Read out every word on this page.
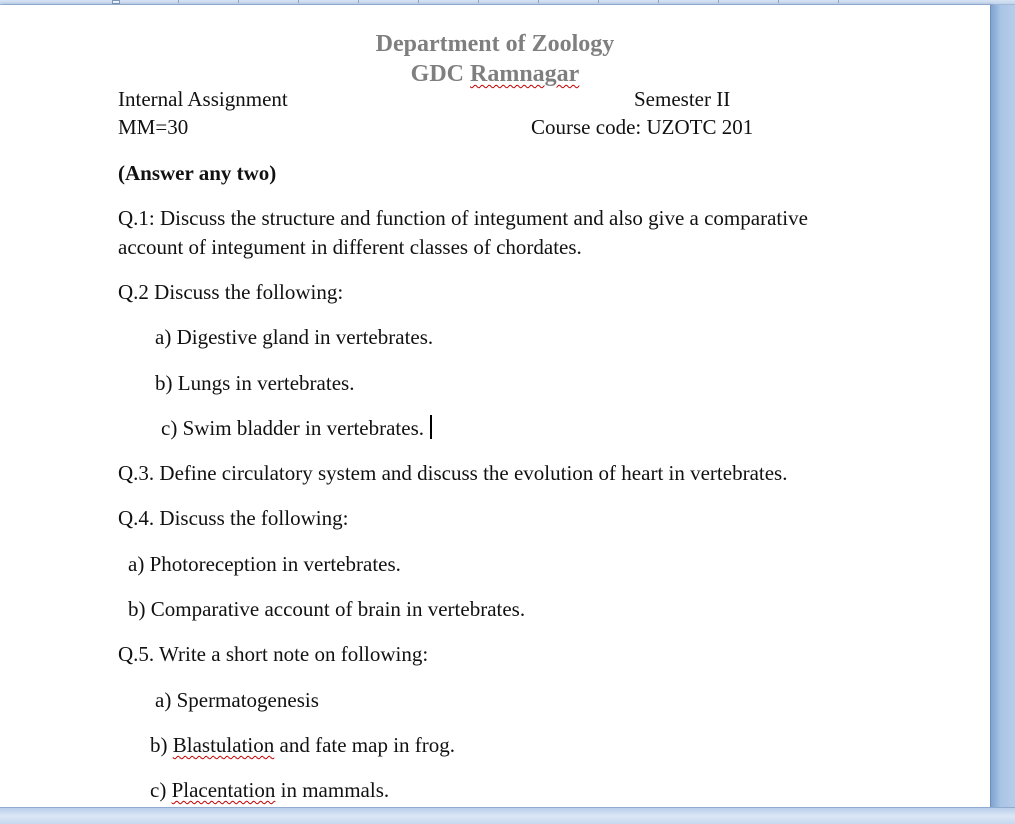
Department of Zoology
GDC Ramnagar
Internal Assignment	Semester II
MM=30	Course code: UZOTC 201
(Answer any two)
Q.1: Discuss the structure and function of integument and also give a comparative
account of integument in different classes of chordates.
Q.2 Discuss the following:
a) Digestive gland in vertebrates.
b) Lungs in vertebrates.
c) Swim bladder in vertebrates.
Q.3. Define circulatory system and discuss the evolution of heart in vertebrates.
Q.4. Discuss the following:
a) Photoreception in vertebrates.
b) Comparative account of brain in vertebrates.
Q.5. Write a short note on following:
a) Spermatogenesis
b) Blastulation and fate map in frog.
c) Placentation in mammals.
